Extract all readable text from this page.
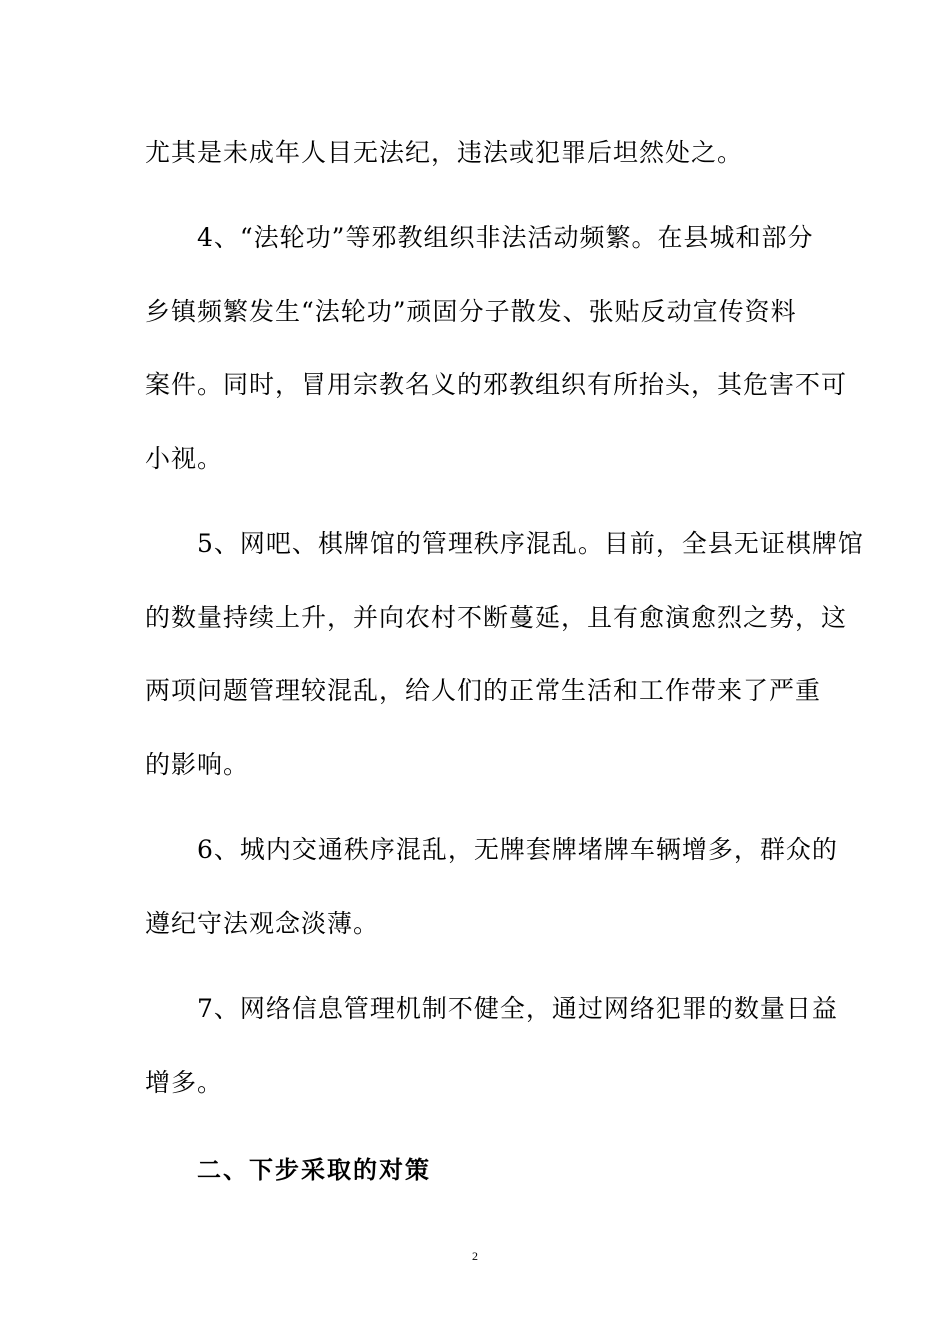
尤其是未成年人目无法纪，违法或犯罪后坦然处之。
4、“法轮功”等邪教组织非法活动频繁。在县城和部分
乡镇频繁发生“法轮功”顽固分子散发、张贴反动宣传资料
案件。同时，冒用宗教名义的邪教组织有所抬头，其危害不可
小视。
5、网吧、棋牌馆的管理秩序混乱。目前，全县无证棋牌馆
的数量持续上升，并向农村不断蔓延，且有愈演愈烈之势，这
两项问题管理较混乱，给人们的正常生活和工作带来了严重
的影响。
6、城内交通秩序混乱，无牌套牌堵牌车辆增多，群众的
遵纪守法观念淡薄。
7、网络信息管理机制不健全，通过网络犯罪的数量日益
增多。
二、下步采取的对策
2
